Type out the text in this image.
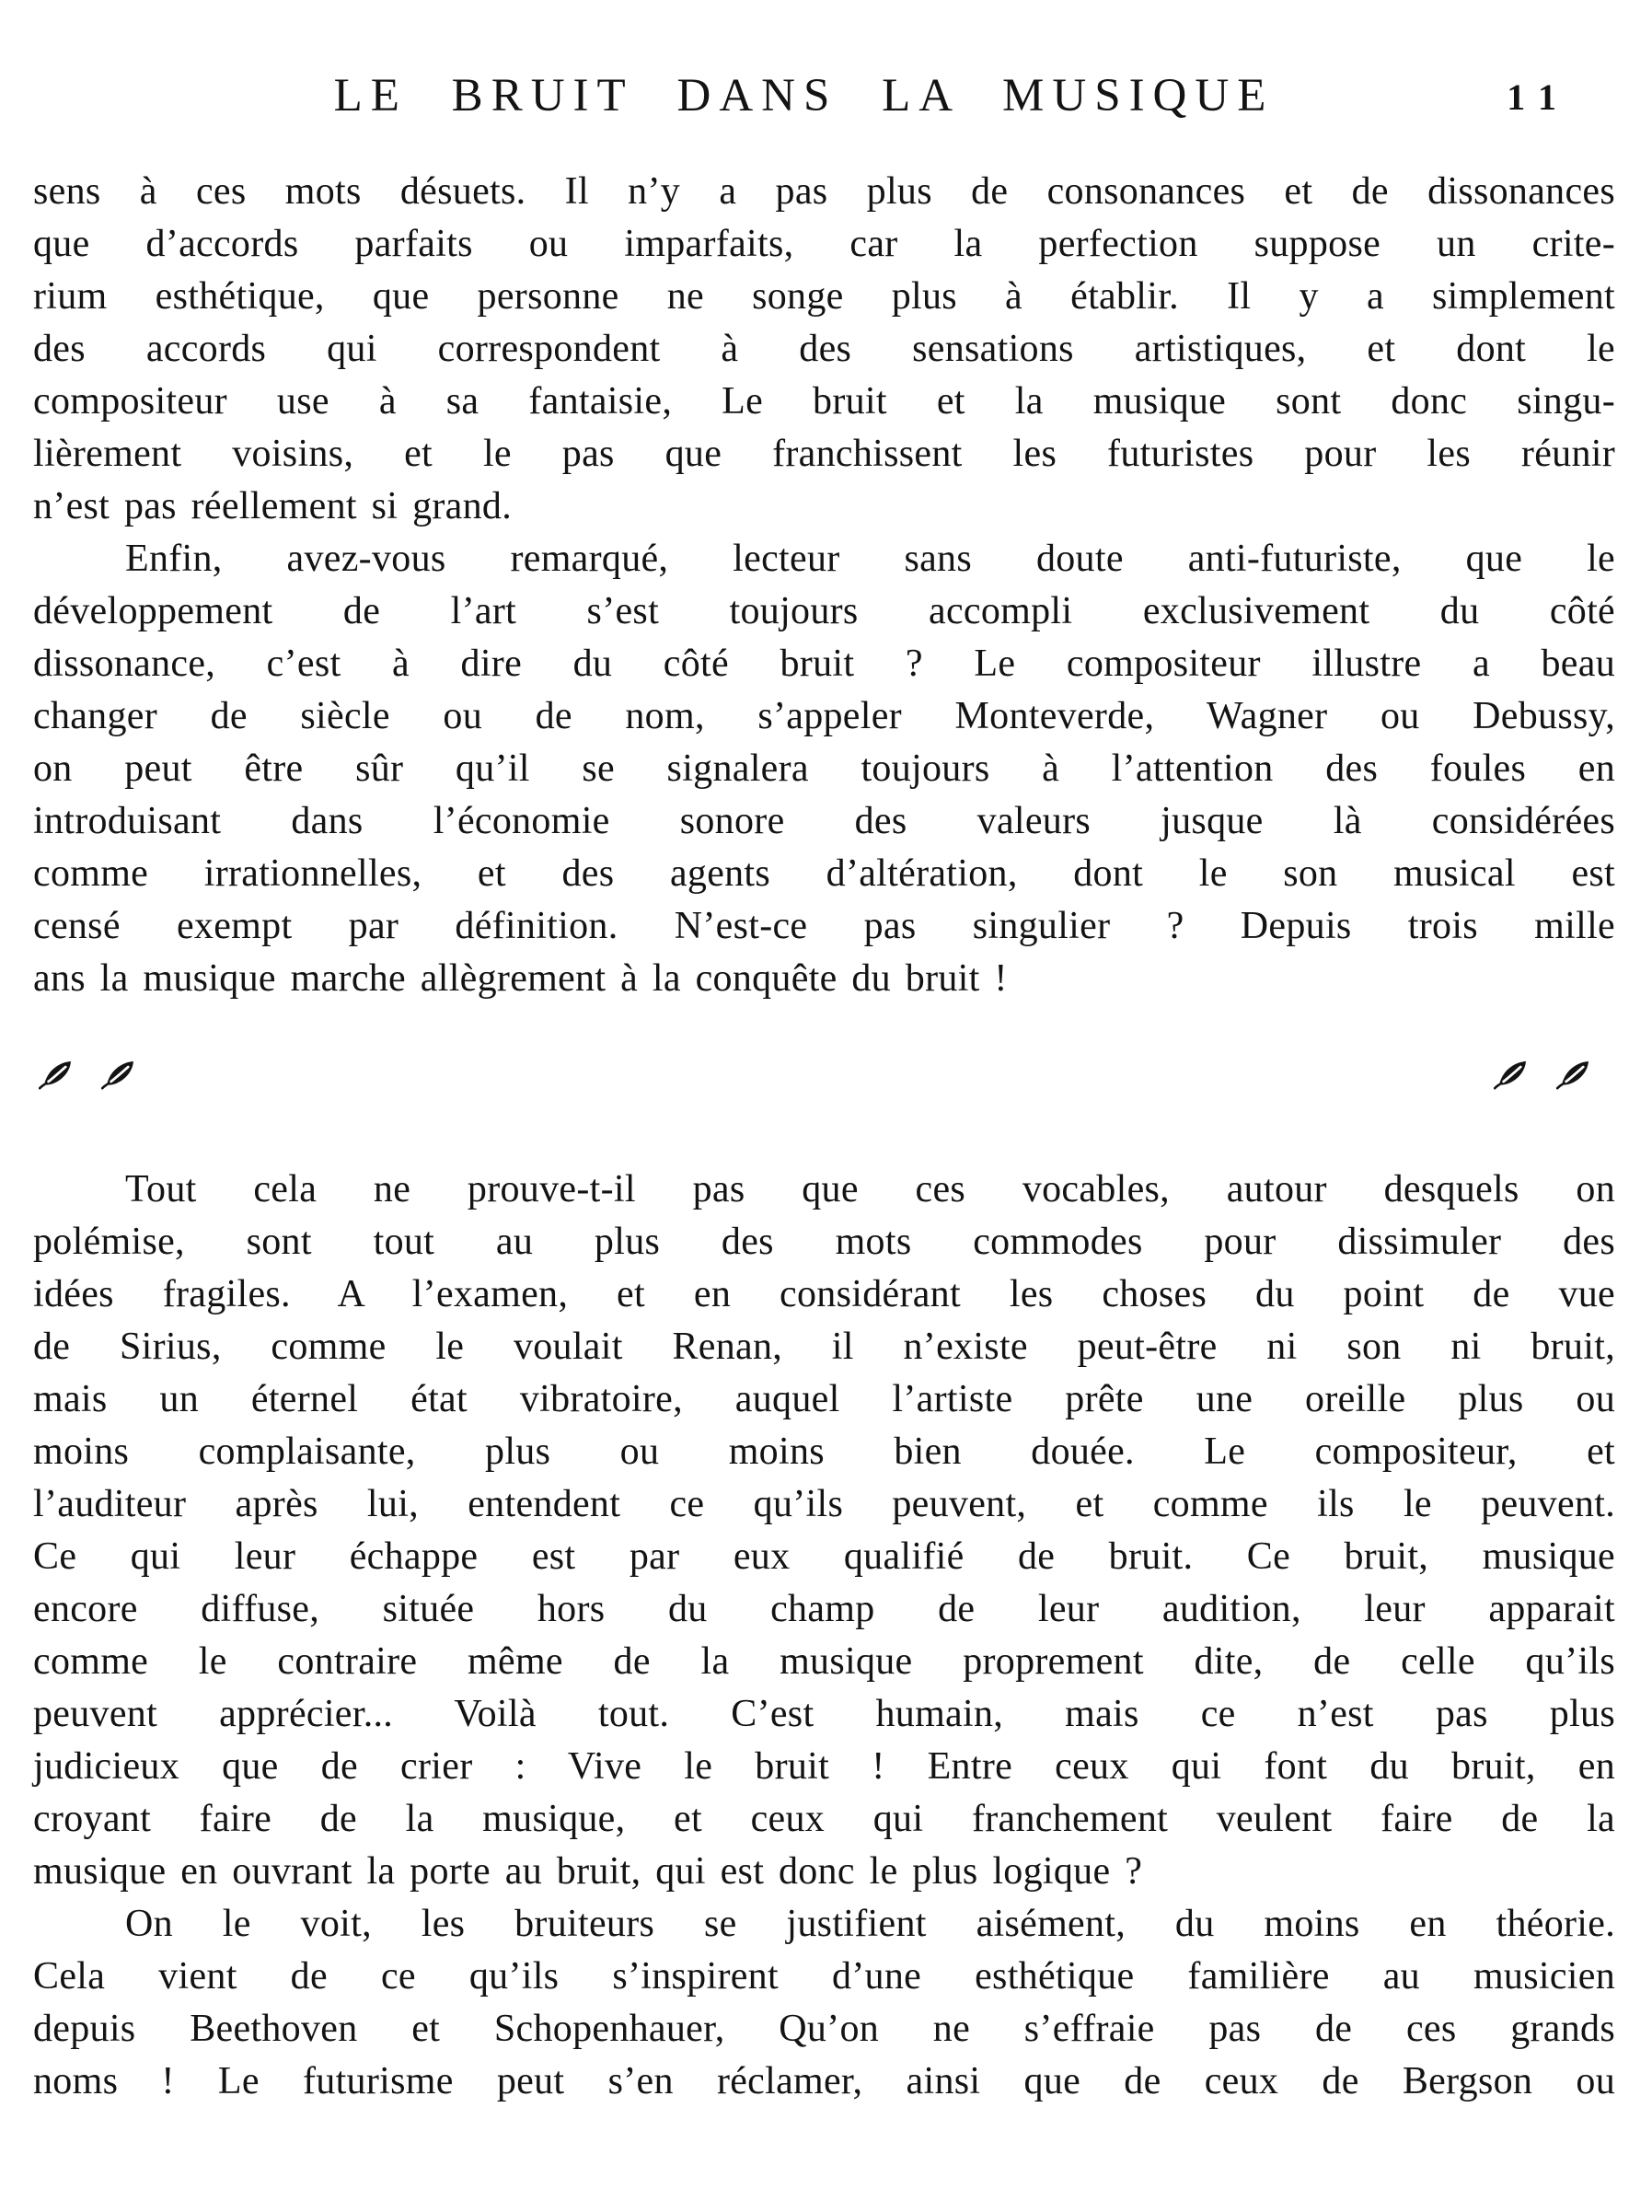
LE BRUIT DANS LA MUSIQUE	11
sens à ces mots désuets. Il n’y a pas plus de consonances et de dissonances
que d’accords parfaits ou imparfaits, car la perfection suppose un crite-
rium esthétique, que personne ne songe plus à établir. Il y a simplement
des accords qui correspondent à des sensations artistiques, et dont le
compositeur use à sa fantaisie, Le bruit et la musique sont donc singu-
lièrement voisins, et le pas que franchissent les futuristes pour les réunir
n’est pas réellement si grand.
Enfin, avez-vous remarqué, lecteur sans doute anti-futuriste, que le
développement de l’art s’est toujours accompli exclusivement du côté
dissonance, c’est à dire du côté bruit ? Le compositeur illustre a beau
changer de siècle ou de nom, s’appeler Monteverde, Wagner ou Debussy,
on peut être sûr qu’il se signalera toujours à l’attention des foules en
introduisant dans l’économie sonore des valeurs jusque là considérées
comme irrationnelles, et des agents d’altération, dont le son musical est
censé exempt par définition. N’est-ce pas singulier ? Depuis trois mille
ans la musique marche allègrement à la conquête du bruit !
Tout cela ne prouve-t-il pas que ces vocables, autour desquels on
polémise, sont tout au plus des mots commodes pour dissimuler des
idées fragiles. A l’examen, et en considérant les choses du point de vue
de Sirius, comme le voulait Renan, il n’existe peut-être ni son ni bruit,
mais un éternel état vibratoire, auquel l’artiste prête une oreille plus ou
moins complaisante, plus ou moins bien douée. Le compositeur, et
l’auditeur après lui, entendent ce qu’ils peuvent, et comme ils le peuvent.
Ce qui leur échappe est par eux qualifié de bruit. Ce bruit, musique
encore diffuse, située hors du champ de leur audition, leur apparait
comme le contraire même de la musique proprement dite, de celle qu’ils
peuvent apprécier... Voilà tout. C’est humain, mais ce n’est pas plus
judicieux que de crier : Vive le bruit ! Entre ceux qui font du bruit, en
croyant faire de la musique, et ceux qui franchement veulent faire de la
musique en ouvrant la porte au bruit, qui est donc le plus logique ?
On le voit, les bruiteurs se justifient aisément, du moins en théorie.
Cela vient de ce qu’ils s’inspirent d’une esthétique familière au musicien
depuis Beethoven et Schopenhauer, Qu’on ne s’effraie pas de ces grands
noms ! Le futurisme peut s’en réclamer, ainsi que de ceux de Bergson ou
